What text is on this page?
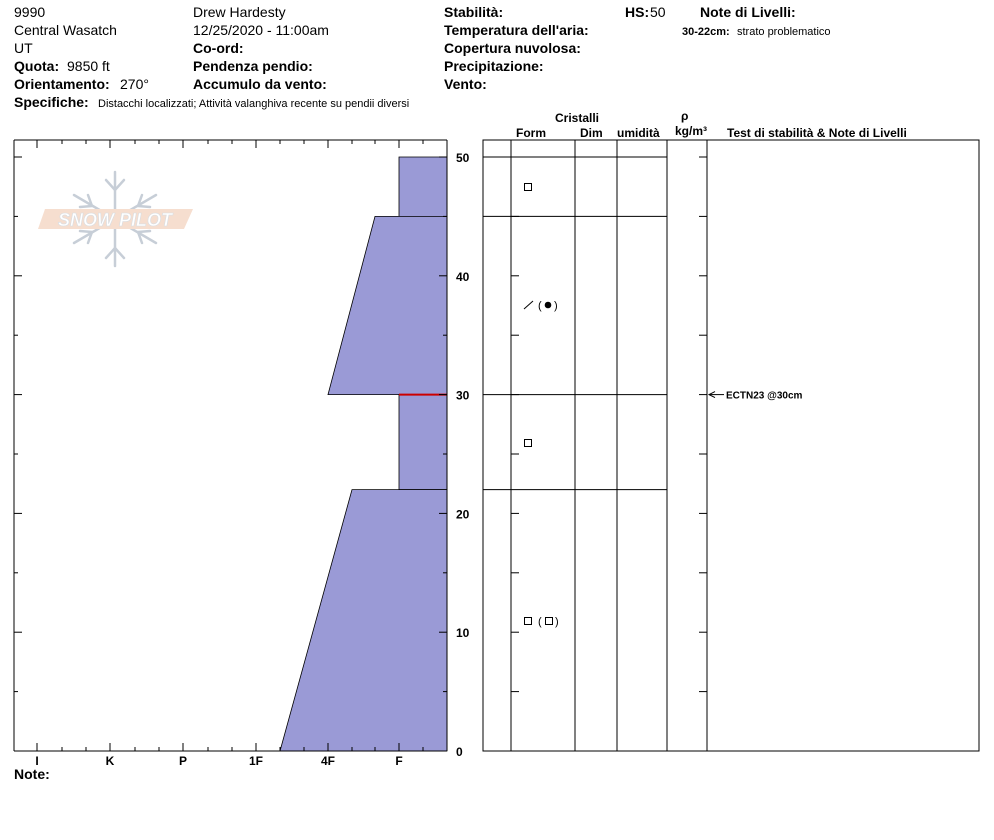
9990
Central Wasatch
UT
Quota: 9850 ft
Orientamento: 270°
Specifiche: Distacchi localizzati; Attività valanghiva recente su pendii diversi
Drew Hardesty
12/25/2020 - 11:00am
Co-ord:
Pendenza pendio:
Accumulo da vento:
Stabilità:
Temperatura dell'aria:
Copertura nuvolosa:
Precipitazione:
Vento:
HS: 50 Note di Livelli:
30-22cm: strato problematico
Cristalli
Form	Dim umidità
ρ
kg/m³ Test di stabilità & Note di Livelli
Note:
SNOW PILOT
I	K	P	1F	4F	F
0
10
20
30
40
50
( )
( )
ECTN23 @30cm
